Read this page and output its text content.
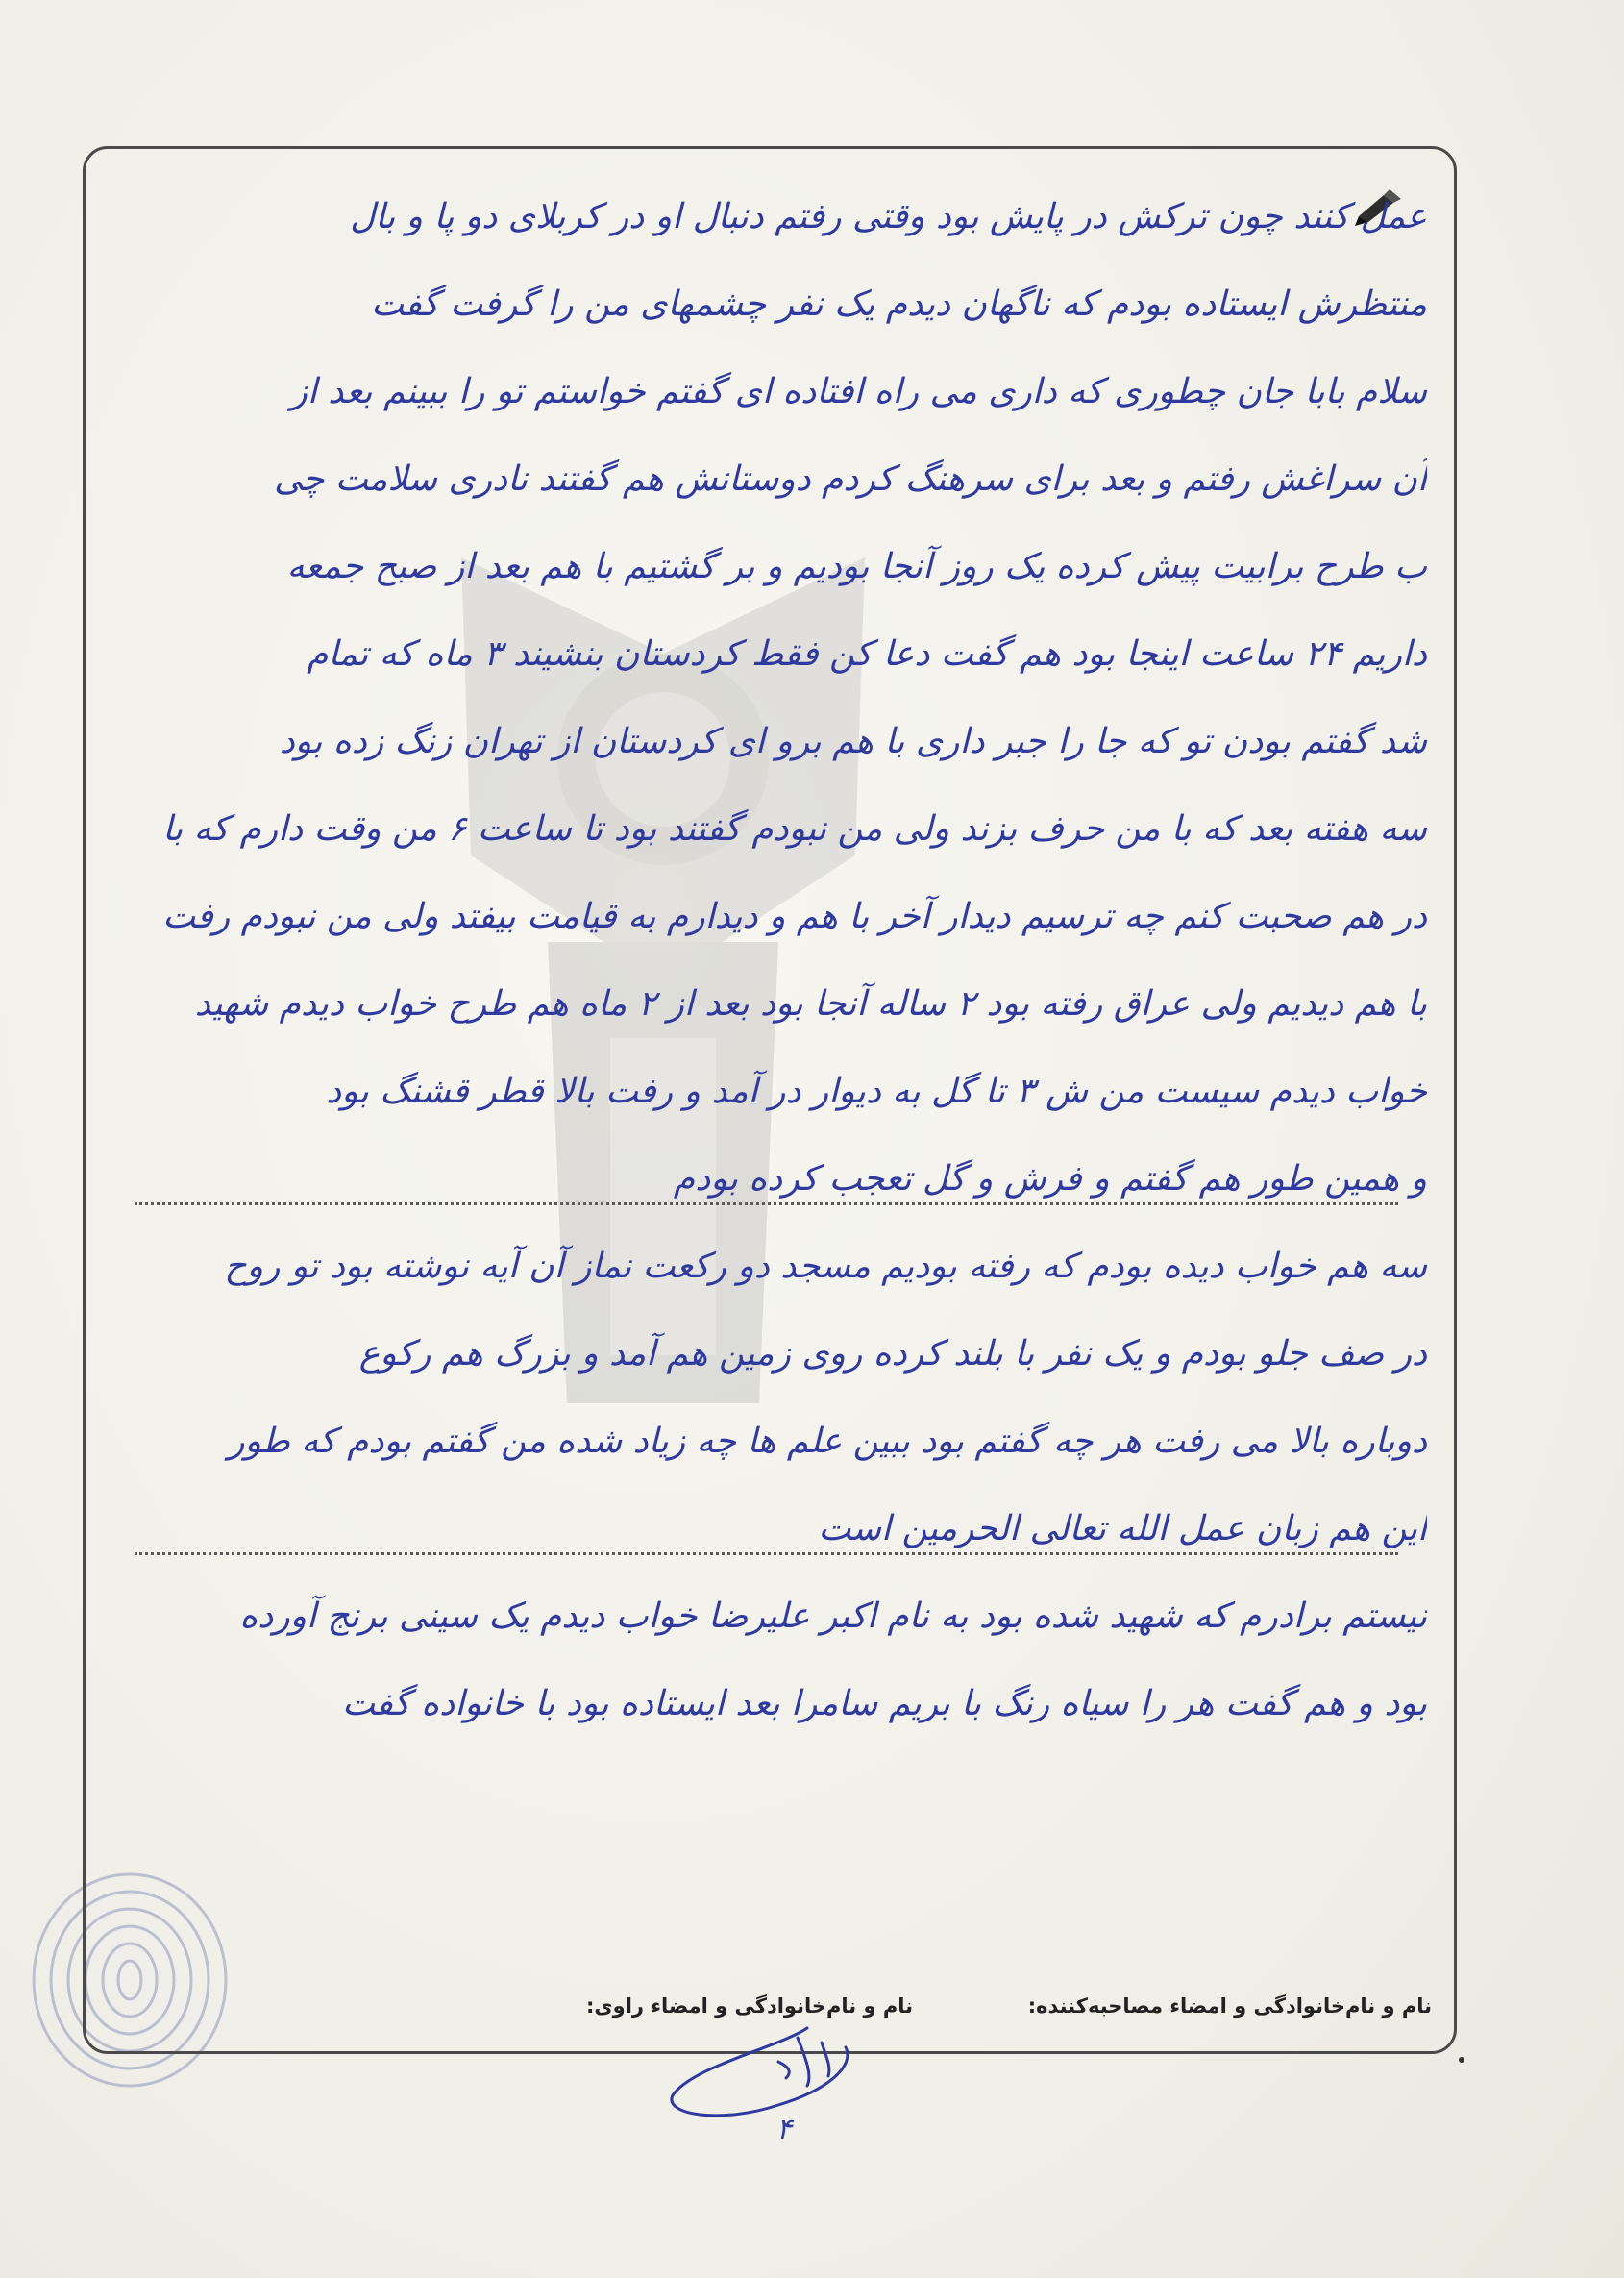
عمل کنند چون ترکش در پایش بود وقتی رفتم دنبال او در کربلای دو پا و بال
منتظرش ایستاده بودم که ناگهان دیدم یک نفر چشمهای من را گرفت گفت
سلام بابا جان چطوری که داری می راه افتاده ای گفتم خواستم تو را ببینم بعد از
آن سراغش رفتم و بعد برای سرهنگ کردم دوستانش هم گفتند نادری سلامت چی
ب طرح برابیت پیش کرده یک روز آنجا بودیم و بر گشتیم با هم بعد از صبح جمعه
داریم ۲۴ ساعت اینجا بود هم گفت دعا کن فقط کردستان بنشیند ۳ ماه که تمام
شد گفتم بودن تو که جا را جبر داری با هم برو ای کردستان از تهران زنگ زده بود
سه هفته بعد که با من حرف بزند ولی من نبودم گفتند بود تا ساعت ۶ من وقت دارم که با
در هم صحبت کنم چه ترسیم دیدار آخر با هم و دیدارم به قیامت بیفتد ولی من نبودم رفت
با هم دیدیم ولی عراق رفته بود ۲ ساله آنجا بود بعد از ۲ ماه هم طرح خواب دیدم شهید
خواب دیدم سیست من ش ۳ تا گل به دیوار در آمد و رفت بالا قطر قشنگ بود
و همین طور هم گفتم و فرش و گل تعجب کرده بودم
سه هم خواب دیده بودم که رفته بودیم مسجد دو رکعت نماز آن آیه نوشته بود تو روح
در صف جلو بودم و یک نفر با بلند کرده روی زمین هم آمد و بزرگ هم رکوع
دوباره بالا می رفت هر چه گفتم بود ببین علم ها چه زیاد شده من گفتم بودم که طور
این هم زبان عمل الله تعالی الحرمین است
نیستم برادرم که شهید شده بود به نام اکبر علیرضا خواب دیدم یک سینی برنج آورده
بود و هم گفت هر را سیاه رنگ با بریم سامرا بعد ایستاده بود با خانواده گفت
نام و نام‌خانوادگی و امضاء مصاحبه‌کننده:
نام و نام‌خانوادگی و امضاء راوی:
۴
